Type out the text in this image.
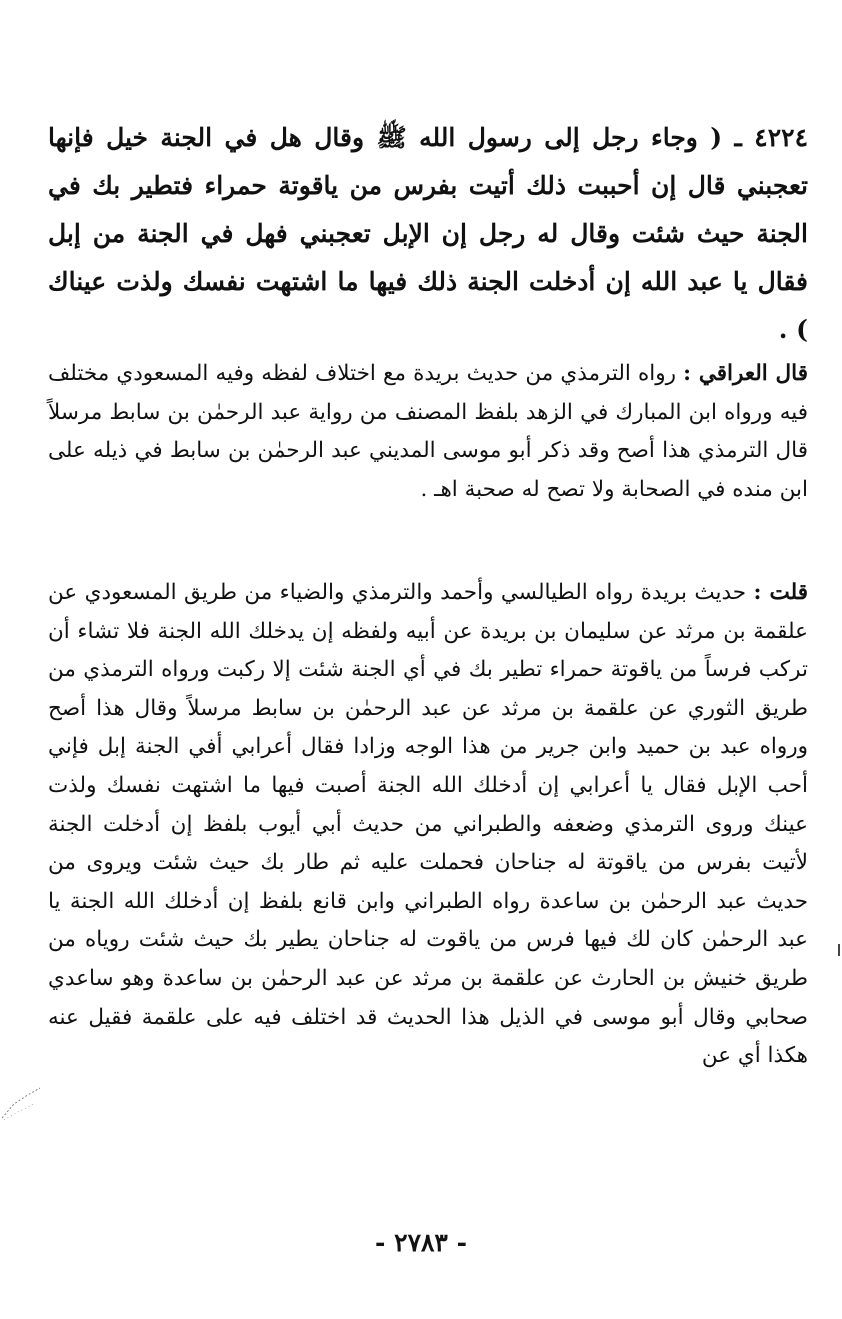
٤٢٢٤ ـ ( وجاء رجل إلى رسول الله ﷺ وقال هل في الجنة خيل فإنها تعجبني قال إن أحببت ذلك أتيت بفرس من ياقوتة حمراء فتطير بك في الجنة حيث شئت وقال له رجل إن الإبل تعجبني فهل في الجنة من إبل فقال يا عبد الله إن أدخلت الجنة ذلك فيها ما اشتهت نفسك ولذت عيناك ) .
قال العراقي : رواه الترمذي من حديث بريدة مع اختلاف لفظه وفيه المسعودي مختلف فيه ورواه ابن المبارك في الزهد بلفظ المصنف من رواية عبد الرحمٰن بن سابط مرسلاً قال الترمذي هذا أصح وقد ذكر أبو موسى المديني عبد الرحمٰن بن سابط في ذيله على ابن منده في الصحابة ولا تصح له صحبة اهـ .
قلت : حديث بريدة رواه الطيالسي وأحمد والترمذي والضياء من طريق المسعودي عن علقمة بن مرثد عن سليمان بن بريدة عن أبيه ولفظه إن يدخلك الله الجنة فلا تشاء أن تركب فرساً من ياقوتة حمراء تطير بك في أي الجنة شئت إلا ركبت ورواه الترمذي من طريق الثوري عن علقمة بن مرثد عن عبد الرحمٰن بن سابط مرسلاً وقال هذا أصح ورواه عبد بن حميد وابن جرير من هذا الوجه وزادا فقال أعرابي أفي الجنة إبل فإني أحب الإبل فقال يا أعرابي إن أدخلك الله الجنة أصبت فيها ما اشتهت نفسك ولذت عينك وروى الترمذي وضعفه والطبراني من حديث أبي أيوب بلفظ إن أدخلت الجنة لأتيت بفرس من ياقوتة له جناحان فحملت عليه ثم طار بك حيث شئت ويروى من حديث عبد الرحمٰن بن ساعدة رواه الطبراني وابن قانع بلفظ إن أدخلك الله الجنة يا عبد الرحمٰن كان لك فيها فرس من ياقوت له جناحان يطير بك حيث شئت روياه من طريق خنيش بن الحارث عن علقمة بن مرثد عن عبد الرحمٰن بن ساعدة وهو ساعدي صحابي وقال أبو موسى في الذيل هذا الحديث قد اختلف فيه على علقمة فقيل عنه هكذا أي عن
- ٢٧٨٣ -
